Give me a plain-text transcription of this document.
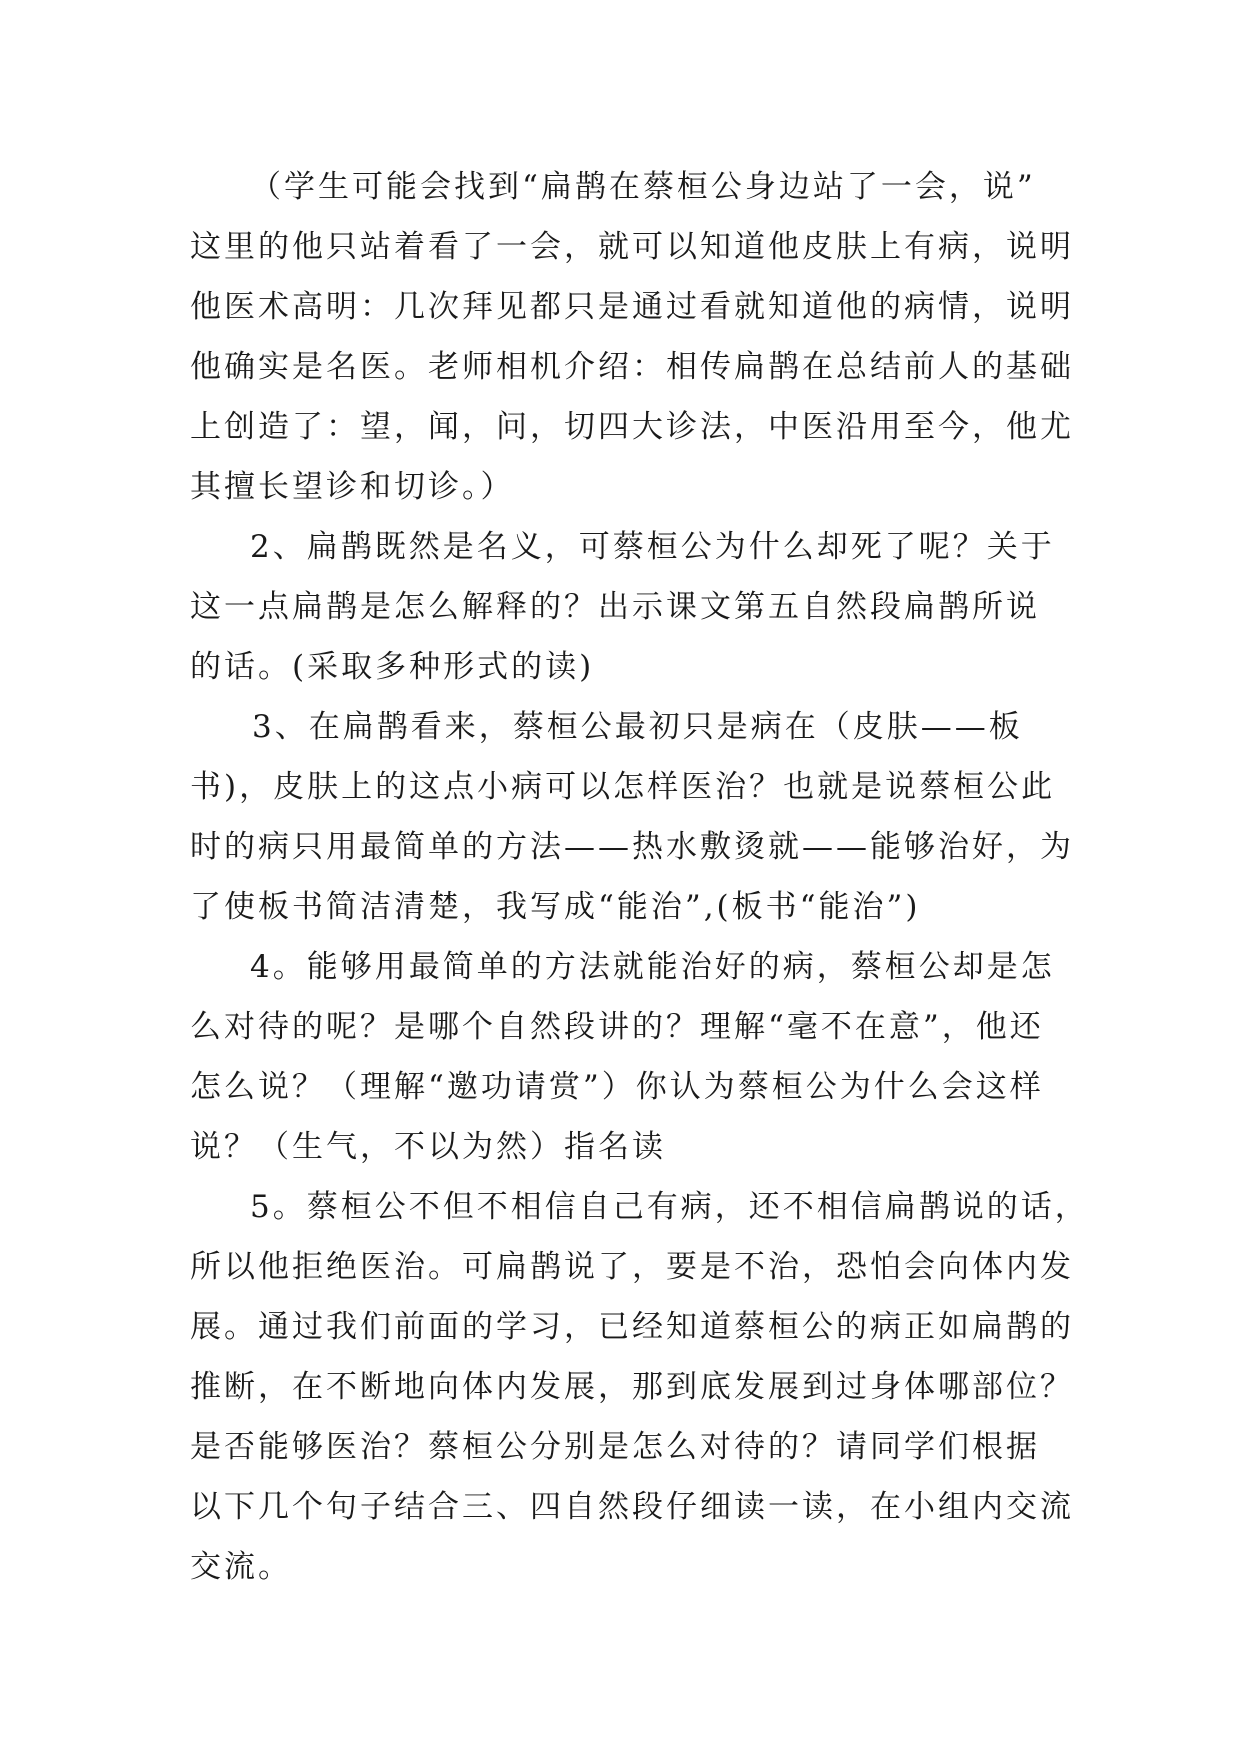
（学生可能会找到“扁鹊在蔡桓公身边站了一会，说”
这里的他只站着看了一会，就可以知道他皮肤上有病，说明
他医术高明：几次拜见都只是通过看就知道他的病情，说明
他确实是名医。老师相机介绍：相传扁鹊在总结前人的基础
上创造了：望，闻，问，切四大诊法，中医沿用至今，他尤
其擅长望诊和切诊。）
2、扁鹊既然是名义，可蔡桓公为什么却死了呢？关于
这一点扁鹊是怎么解释的？出示课文第五自然段扁鹊所说
的话。(采取多种形式的读)
3、在扁鹊看来，蔡桓公最初只是病在（皮肤——板
书)，皮肤上的这点小病可以怎样医治？也就是说蔡桓公此
时的病只用最简单的方法——热水敷烫就——能够治好，为
了使板书简洁清楚，我写成“能治”,(板书“能治”)
4。能够用最简单的方法就能治好的病，蔡桓公却是怎
么对待的呢？是哪个自然段讲的？理解“毫不在意”，他还
怎么说？（理解“邀功请赏”）你认为蔡桓公为什么会这样
说？（生气，不以为然）指名读
5。蔡桓公不但不相信自己有病，还不相信扁鹊说的话，
所以他拒绝医治。可扁鹊说了，要是不治，恐怕会向体内发
展。通过我们前面的学习，已经知道蔡桓公的病正如扁鹊的
推断，在不断地向体内发展，那到底发展到过身体哪部位？
是否能够医治？蔡桓公分别是怎么对待的？请同学们根据
以下几个句子结合三、四自然段仔细读一读，在小组内交流
交流。
